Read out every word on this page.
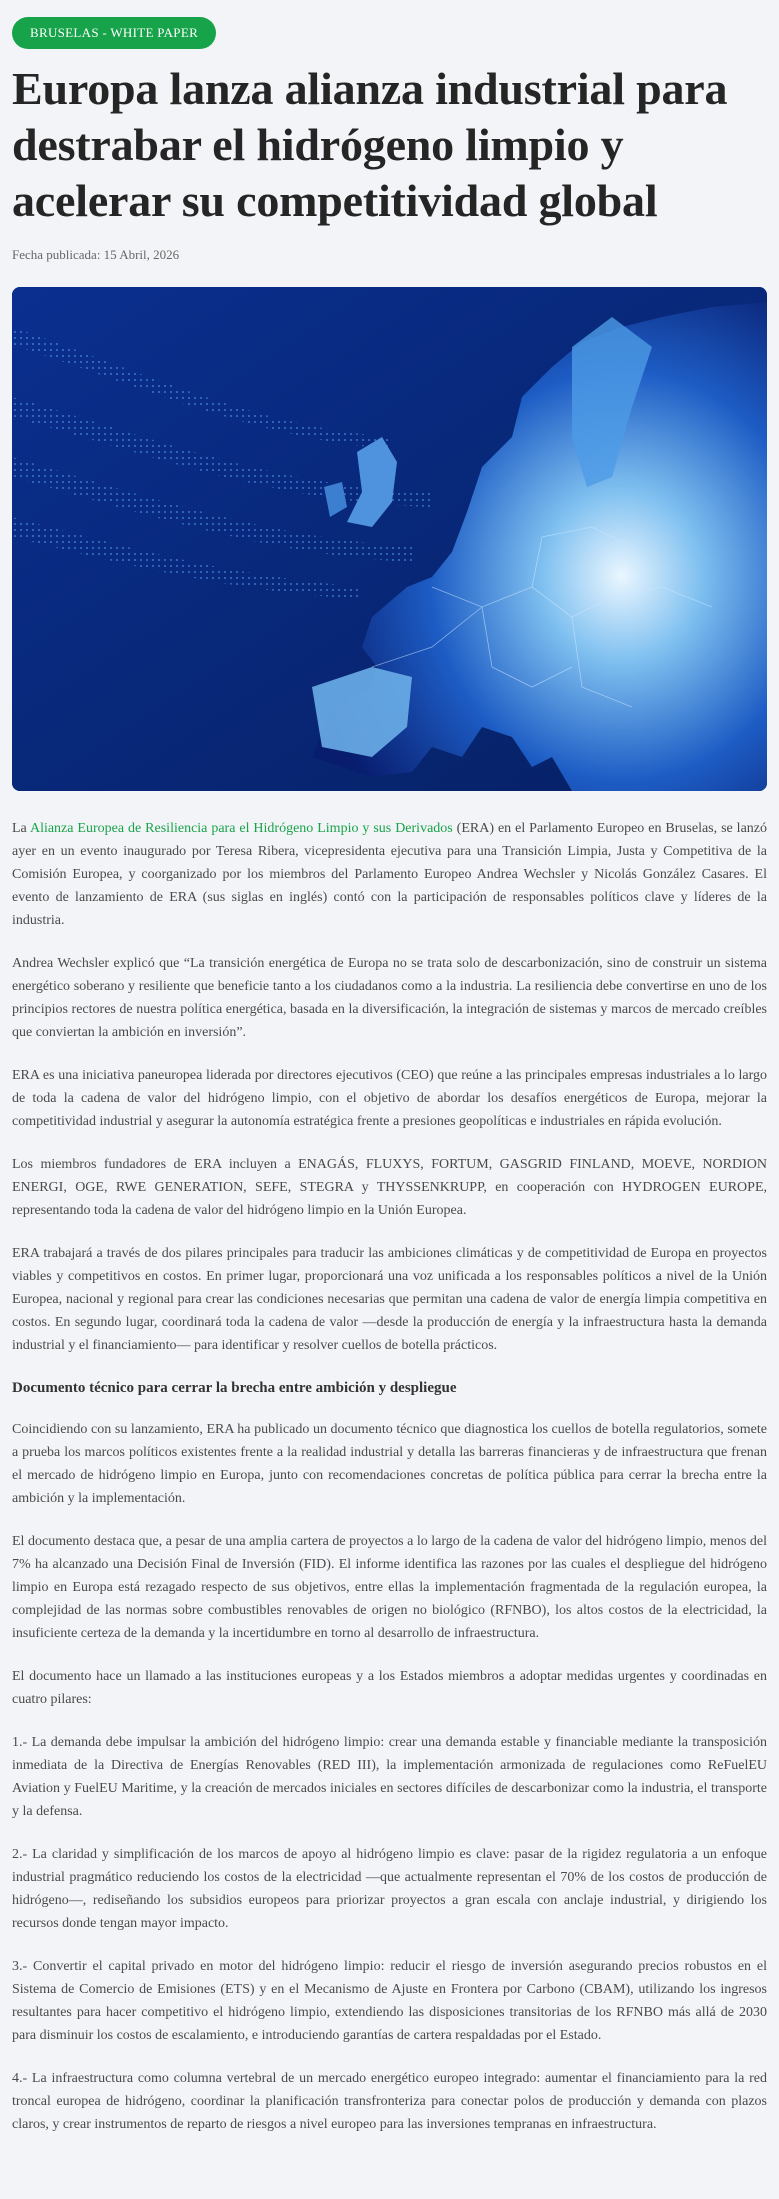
BRUSELAS - WHITE PAPER
Europa lanza alianza industrial para destrabar el hidrógeno limpio y acelerar su competitividad global
Fecha publicada: 15 Abril, 2026

La Alianza Europea de Resiliencia para el Hidrógeno Limpio y sus Derivados (ERA) en el Parlamento Europeo en Bruselas, se lanzó ayer en un evento inaugurado por Teresa Ribera, vicepresidenta ejecutiva para una Transición Limpia, Justa y Competitiva de la Comisión Europea, y coorganizado por los miembros del Parlamento Europeo Andrea Wechsler y Nicolás González Casares. El evento de lanzamiento de ERA (sus siglas en inglés) contó con la participación de responsables políticos clave y líderes de la industria.

Andrea Wechsler explicó que “La transición energética de Europa no se trata solo de descarbonización, sino de construir un sistema energético soberano y resiliente que beneficie tanto a los ciudadanos como a la industria. La resiliencia debe convertirse en uno de los principios rectores de nuestra política energética, basada en la diversificación, la integración de sistemas y marcos de mercado creíbles que conviertan la ambición en inversión”.

ERA es una iniciativa paneuropea liderada por directores ejecutivos (CEO) que reúne a las principales empresas industriales a lo largo de toda la cadena de valor del hidrógeno limpio, con el objetivo de abordar los desafíos energéticos de Europa, mejorar la competitividad industrial y asegurar la autonomía estratégica frente a presiones geopolíticas e industriales en rápida evolución.

Los miembros fundadores de ERA incluyen a ENAGÁS, FLUXYS, FORTUM, GASGRID FINLAND, MOEVE, NORDION ENERGI, OGE, RWE GENERATION, SEFE, STEGRA y THYSSENKRUPP, en cooperación con HYDROGEN EUROPE, representando toda la cadena de valor del hidrógeno limpio en la Unión Europea.

ERA trabajará a través de dos pilares principales para traducir las ambiciones climáticas y de competitividad de Europa en proyectos viables y competitivos en costos. En primer lugar, proporcionará una voz unificada a los responsables políticos a nivel de la Unión Europea, nacional y regional para crear las condiciones necesarias que permitan una cadena de valor de energía limpia competitiva en costos. En segundo lugar, coordinará toda la cadena de valor —desde la producción de energía y la infraestructura hasta la demanda industrial y el financiamiento— para identificar y resolver cuellos de botella prácticos.

Documento técnico para cerrar la brecha entre ambición y despliegue

Coincidiendo con su lanzamiento, ERA ha publicado un documento técnico que diagnostica los cuellos de botella regulatorios, somete a prueba los marcos políticos existentes frente a la realidad industrial y detalla las barreras financieras y de infraestructura que frenan el mercado de hidrógeno limpio en Europa, junto con recomendaciones concretas de política pública para cerrar la brecha entre la ambición y la implementación.

El documento destaca que, a pesar de una amplia cartera de proyectos a lo largo de la cadena de valor del hidrógeno limpio, menos del 7% ha alcanzado una Decisión Final de Inversión (FID). El informe identifica las razones por las cuales el despliegue del hidrógeno limpio en Europa está rezagado respecto de sus objetivos, entre ellas la implementación fragmentada de la regulación europea, la complejidad de las normas sobre combustibles renovables de origen no biológico (RFNBO), los altos costos de la electricidad, la insuficiente certeza de la demanda y la incertidumbre en torno al desarrollo de infraestructura.

El documento hace un llamado a las instituciones europeas y a los Estados miembros a adoptar medidas urgentes y coordinadas en cuatro pilares:

1.- La demanda debe impulsar la ambición del hidrógeno limpio: crear una demanda estable y financiable mediante la transposición inmediata de la Directiva de Energías Renovables (RED III), la implementación armonizada de regulaciones como ReFuelEU Aviation y FuelEU Maritime, y la creación de mercados iniciales en sectores difíciles de descarbonizar como la industria, el transporte y la defensa.

2.- La claridad y simplificación de los marcos de apoyo al hidrógeno limpio es clave: pasar de la rigidez regulatoria a un enfoque industrial pragmático reduciendo los costos de la electricidad —que actualmente representan el 70% de los costos de producción de hidrógeno—, rediseñando los subsidios europeos para priorizar proyectos a gran escala con anclaje industrial, y dirigiendo los recursos donde tengan mayor impacto.

3.- Convertir el capital privado en motor del hidrógeno limpio: reducir el riesgo de inversión asegurando precios robustos en el Sistema de Comercio de Emisiones (ETS) y en el Mecanismo de Ajuste en Frontera por Carbono (CBAM), utilizando los ingresos resultantes para hacer competitivo el hidrógeno limpio, extendiendo las disposiciones transitorias de los RFNBO más allá de 2030 para disminuir los costos de escalamiento, e introduciendo garantías de cartera respaldadas por el Estado.

4.- La infraestructura como columna vertebral de un mercado energético europeo integrado: aumentar el financiamiento para la red troncal europea de hidrógeno, coordinar la planificación transfronteriza para conectar polos de producción y demanda con plazos claros, y crear instrumentos de reparto de riesgos a nivel europeo para las inversiones tempranas en infraestructura.
